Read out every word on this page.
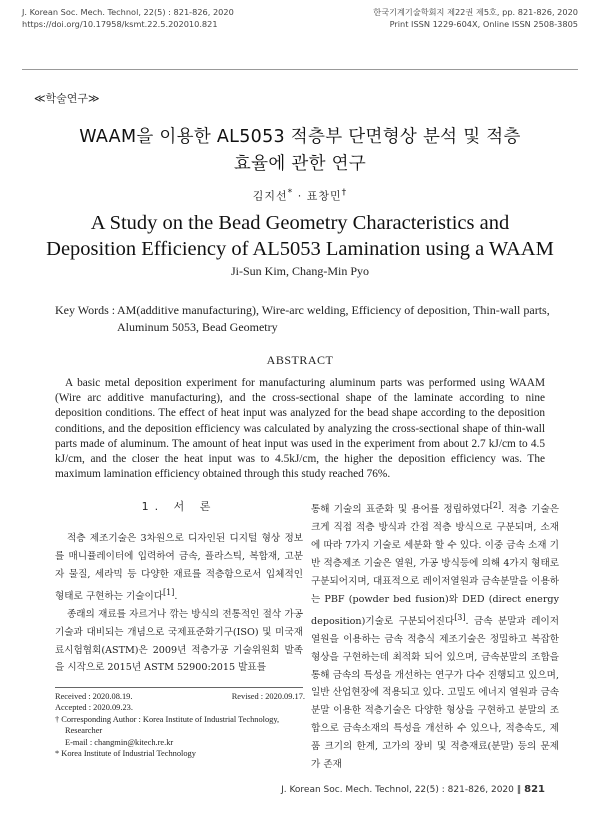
J. Korean Soc. Mech. Technol, 22(5) : 821-826, 2020
https://doi.org/10.17958/ksmt.22.5.202010.821
한국기계기술학회지 제22권 제5호, pp. 821-826, 2020
Print ISSN 1229-604X, Online ISSN 2508-3805
≪학술연구≫
WAAM을 이용한 AL5053 적층부 단면형상 분석 및 적층
효율에 관한 연구
김지선* · 표창민†
A Study on the Bead Geometry Characteristics and
Deposition Efficiency of AL5053 Lamination using a WAAM
Ji-Sun Kim, Chang-Min Pyo
Key Words : AM(additive manufacturing), Wire-arc welding, Efficiency of deposition, Thin-wall parts,
Aluminum 5053, Bead Geometry
ABSTRACT
A basic metal deposition experiment for manufacturing aluminum parts was performed using WAAM (Wire arc additive manufacturing), and the cross-sectional shape of the laminate according to nine deposition conditions. The effect of heat input was analyzed for the bead shape according to the deposition conditions, and the deposition efficiency was calculated by analyzing the cross-sectional shape of thin-wall parts made of aluminum. The amount of heat input was used in the experiment from about 2.7 kJ/cm to 4.5 kJ/cm, and the closer the heat input was to 4.5kJ/cm, the higher the deposition efficiency was. The maximum lamination efficiency obtained through this study reached 76%.
1. 서 론

적층 제조기술은 3차원으로 디자인된 디지털 형상 정보를 매니퓰레이터에 입력하여 금속, 플라스틱, 복합재, 고분자 물질, 세라믹 등 다양한 재료를 적층함으로서 입체적인 형태로 구현하는 기술이다[1].

종래의 재료를 자르거나 깎는 방식의 전통적인 절삭 가공 기술과 대비되는 개념으로 국제표준화기구(ISO) 및 미국재료시험협회(ASTM)은 2009년 적층가공 기술위원회 발족을 시작으로 2015년 ASTM 52900:2015 발표를

통해 기술의 표준화 및 용어를 정립하였다[2]. 적층 기술은 크게 직접 적층 방식과 간접 적층 방식으로 구분되며, 소재에 따라 7가지 기술로 세분화 할 수 있다. 이중 금속 소재 기반 적층제조 기술은 열원, 가공 방식등에 의해 4가지 형태로 구분되어지며, 대표적으로 레이저열원과 금속분말을 이용하는 PBF (powder bed fusion)와 DED (direct energy deposition)기술로 구분되어진다[3]. 금속 분말과 레이저 열원을 이용하는 금속 적층식 제조기술은 정밀하고 복잡한 형상을 구현하는데 최적화 되어 있으며, 금속분말의 조합을 통해 금속의 특성을 개선하는 연구가 다수 진행되고 있으며, 일반 산업현장에 적용되고 있다. 고밀도 에너지 열원과 금속분말 이용한 적층기술은 다양한 형상을 구현하고 분말의 조합으로 금속소재의 특성을 개선하 수 있으나, 적층속도, 제품 크기의 한계, 고가의 장비 및 적층재료(분말) 등의 문제가 존재

Received : 2020.08.19.	Revised : 2020.09.17.
Accepted : 2020.09.23.
† Corresponding Author : Korea Institute of Industrial Technology,
Researcher
E-mail : changmin@kitech.re.kr
* Korea Institute of Industrial Technology
J. Korean Soc. Mech. Technol, 22(5) : 821-826, 2020 ‖ 821
